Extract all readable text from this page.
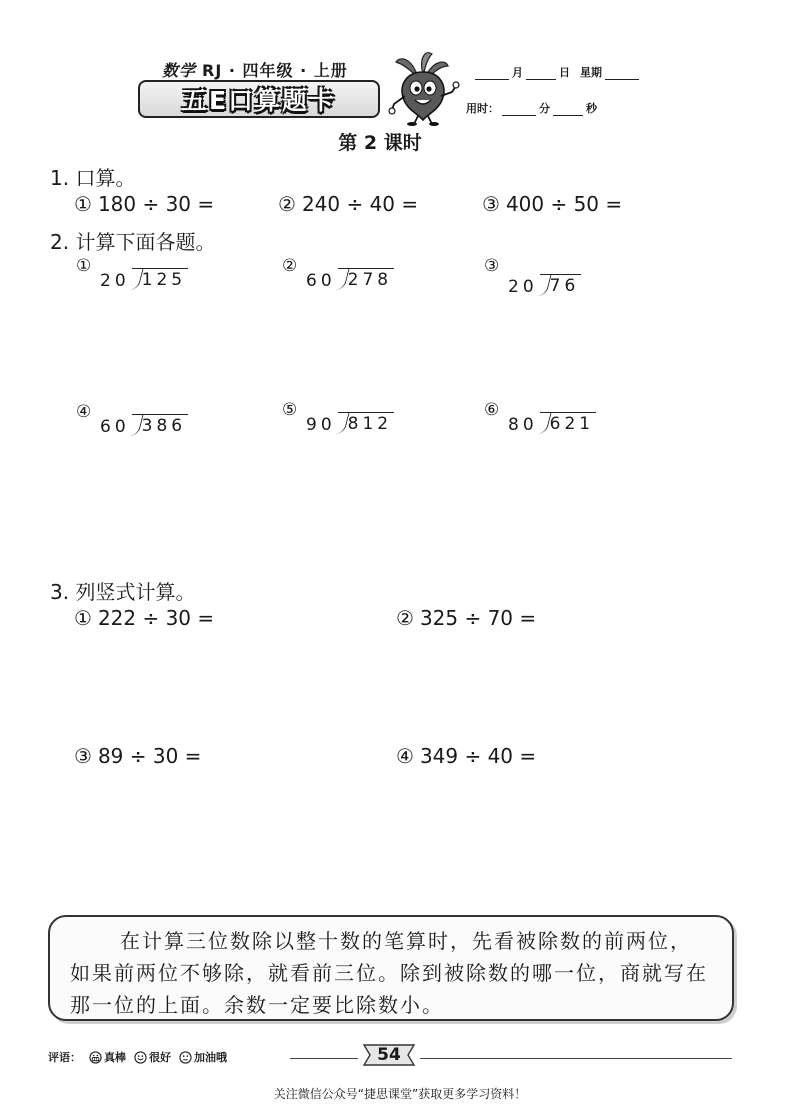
数学 RJ · 四年级 · 上册
五E口算题卡
月	日 星期
用时：	分	秒
第 2 课时
1. 口算。
① 180 ÷ 30 =	② 240 ÷ 40 =	③ 400 ÷ 50 =
2. 计算下面各题。
①
20 125
②
60 278
③
20 76
④
60 386
⑤
90 812
⑥
80 621
3. 列竖式计算。
① 222 ÷ 30 =	② 325 ÷ 70 =
③ 89 ÷ 30 =	④ 349 ÷ 40 =
在计算三位数除以整十数的笔算时，先看被除数的前两位，如果前两位不够除，就看前三位。除到被除数的哪一位，商就写在那一位的上面。余数一定要比除数小。
评语： 真棒 很好 加油哦	54
关注微信公众号“捷思课堂”获取更多学习资料！
